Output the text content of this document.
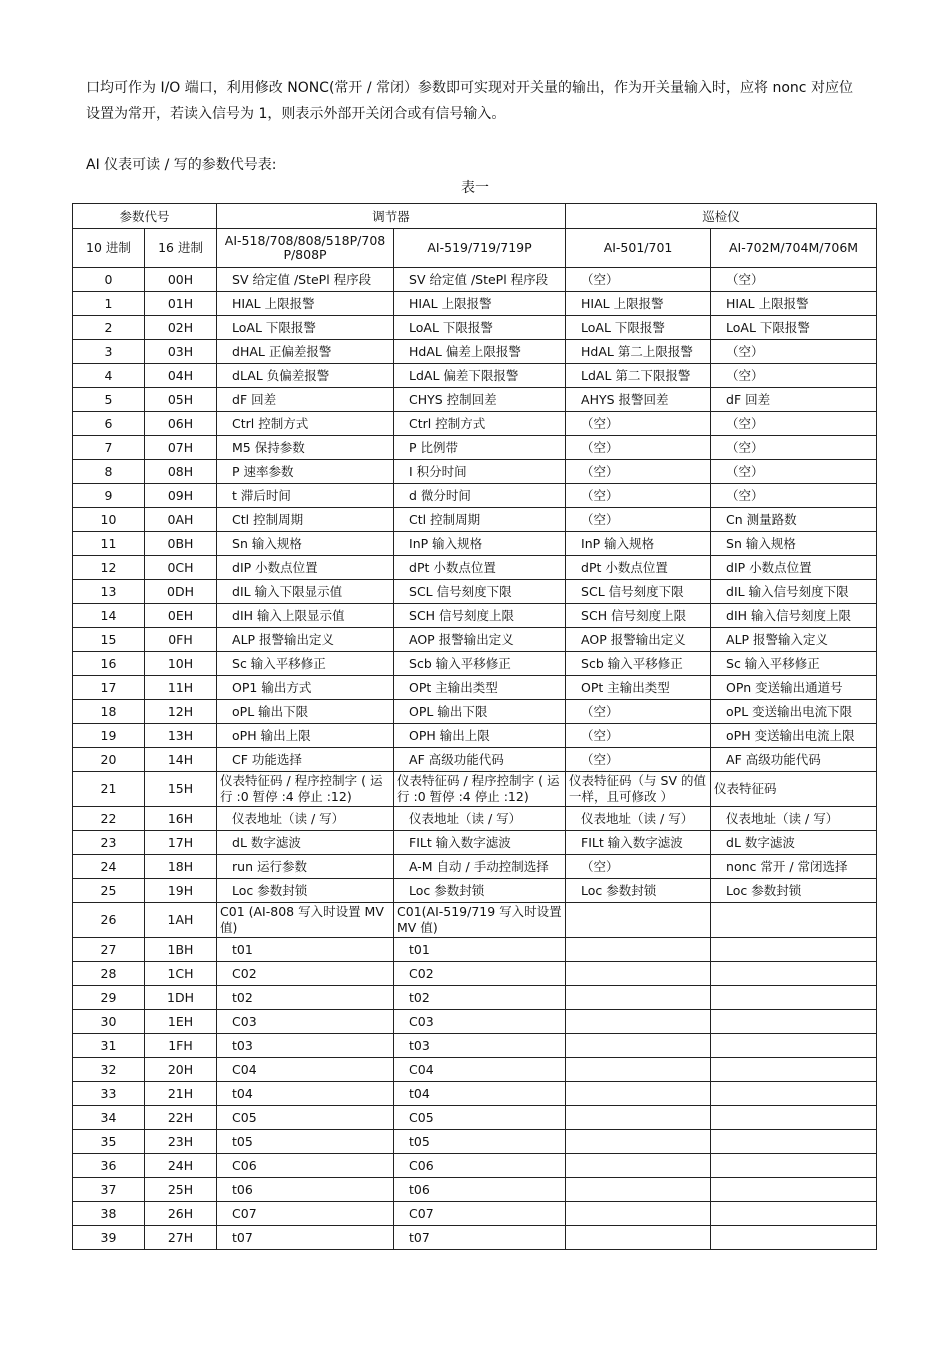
口均可作为 I/O 端口，利用修改 NONC(常开 / 常闭）参数即可实现对开关量的输出，作为开关量输入时，应将 nonc 对应位设置为常开，若读入信号为 1，则表示外部开关闭合或有信号输入。

AI 仪表可读 / 写的参数代号表:

表一
参数代号		调节器		巡检仪	
10 进制	16 进制	AI-518/708/808/518P/708P/808P	AI-519/719/719P	AI-501/701	AI-702M/704M/706M
0	00H	SV 给定值 /StePl 程序段	SV 给定值 /StePl 程序段	（空）	（空）
1	01H	HIAL 上限报警	HIAL 上限报警	HIAL 上限报警	HIAL 上限报警
2	02H	LoAL 下限报警	LoAL 下限报警	LoAL 下限报警	LoAL 下限报警
3	03H	dHAL 正偏差报警	HdAL 偏差上限报警	HdAL 第二上限报警	（空）
4	04H	dLAL 负偏差报警	LdAL 偏差下限报警	LdAL 第二下限报警	（空）
5	05H	dF 回差	CHYS 控制回差	AHYS 报警回差	dF 回差
6	06H	Ctrl 控制方式	Ctrl 控制方式	（空）	（空）
7	07H	M5 保持参数	P 比例带	（空）	（空）
8	08H	P 速率参数	I 积分时间	（空）	（空）
9	09H	t 滞后时间	d 微分时间	（空）	（空）
10	0AH	Ctl 控制周期	Ctl 控制周期	（空）	Cn 测量路数
11	0BH	Sn 输入规格	InP 输入规格	InP 输入规格	Sn 输入规格
12	0CH	dIP 小数点位置	dPt 小数点位置	dPt 小数点位置	dIP 小数点位置
13	0DH	dIL 输入下限显示值	SCL 信号刻度下限	SCL 信号刻度下限	dIL 输入信号刻度下限
14	0EH	dIH 输入上限显示值	SCH 信号刻度上限	SCH 信号刻度上限	dIH 输入信号刻度上限
15	0FH	ALP 报警输出定义	AOP 报警输出定义	AOP 报警输出定义	ALP 报警输入定义
16	10H	Sc 输入平移修正	Scb 输入平移修正	Scb 输入平移修正	Sc 输入平移修正
17	11H	OP1 输出方式	OPt 主输出类型	OPt 主输出类型	OPn 变送输出通道号
18	12H	oPL 输出下限	OPL 输出下限	（空）	oPL 变送输出电流下限
19	13H	oPH 输出上限	OPH 输出上限	（空）	oPH 变送输出电流上限
20	14H	CF 功能选择	AF 高级功能代码	（空）	AF 高级功能代码
21	15H	仪表特征码 / 程序控制字 ( 运行 :0 暂停 :4 停止 :12)	仪表特征码 / 程序控制字 ( 运行 :0 暂停 :4 停止 :12)	仪表特征码（与 SV 的值一样，且可修改 ）	仪表特征码
22	16H	仪表地址（读 / 写）	仪表地址（读 / 写）	仪表地址（读 / 写）	仪表地址（读 / 写）
23	17H	dL 数字滤波	FILt 输入数字滤波	FILt 输入数字滤波	dL 数字滤波
24	18H	run 运行参数	A-M 自动 / 手动控制选择	（空）	nonc 常开 / 常闭选择
25	19H	Loc 参数封锁	Loc 参数封锁	Loc 参数封锁	Loc 参数封锁
26	1AH	C01 (AI-808 写入时设置 MV 值)	C01(AI-519/719 写入时设置 MV 值)		
27	1BH	t01	t01		
28	1CH	C02	C02		
29	1DH	t02	t02		
30	1EH	C03	C03		
31	1FH	t03	t03		
32	20H	C04	C04		
33	21H	t04	t04		
34	22H	C05	C05		
35	23H	t05	t05		
36	24H	C06	C06		
37	25H	t06	t06		
38	26H	C07	C07		
39	27H	t07	t07		
